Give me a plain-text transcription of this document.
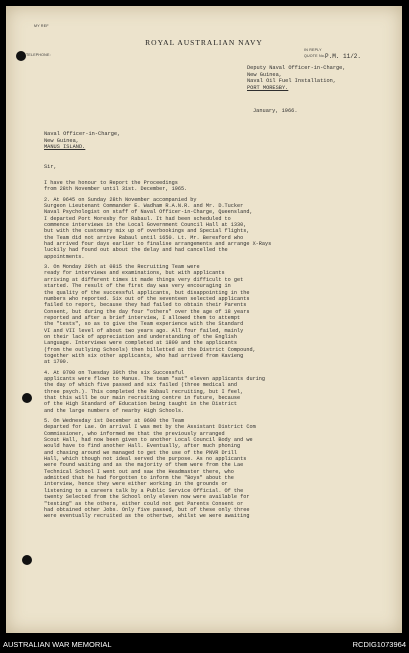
MY REF
TELEPHONE:
IN REPLY
QUOTE No.
ROYAL AUSTRALIAN NAVY
P.M. 11/2.
Deputy Naval Officer-in-Charge,
New Guinea,
Naval Oil Fuel Installation,
PORT MORESBY.
January, 1966.
Naval Officer-in-Charge,
New Guinea,
MANUS ISLAND.
Sir,

I have the honour to Report the Proceedings
from 28th November until 31st. December, 1965.

2. At 0645 on Sunday 28th November accompanied by
Surgeon Lieutenant Commander E. Wadham R.A.N.R. and Mr. D.Tucker
Naval Psychologist on staff of Naval Officer-in-Charge, Queensland,
I departed Port Moresby for Rabaul. It had been scheduled to
commence interviews in the Local Government Council Hall at 1330,
but with the customary mix up of overbookings and Special flights,
the Team did not arrive Rabaul until 1650. Lt. Mr. Beresford who
had arrived four days earlier to finalise arrangements and arrange X-Rays
luckily had found out about the delay and had cancelled the
appointments.

3. On Monday 29th at 0815 the Recruiting Team were
ready for interviews and examinations, but with applicants
arriving at different times it made things very difficult to get
started. The result of the first day was very encouraging in
the quality of the successful applicants, but disappointing in the
numbers who reported. Six out of the seventeen selected applicants
failed to report, because they had failed to obtain their Parents
Consent, but during the day four "others" over the age of 18 years
reported and after a brief interview, I allowed them to attempt
the "tests", so as to give the Team experience with the Standard
VI and VII level of about two years ago. All four failed, mainly
on their lack of appreciation and understanding of the English
Language. Interviews were completed at 1800 and the applicants
(from the outlying Schools) then billetted at the District Compound,
together with six other applicants, who had arrived from Kavieng
at 1700.

4. At 0700 on Tuesday 30th the six Successful
applicants were flown to Manus. The team "sat" eleven applicants during
the day of which five passed and six failed (three medical and
three psych.). This completed the Rabaul recruiting, but I feel,
that this will be our main recruiting centre in future, because
of the High Standard of Education being taught in the District
and the large numbers of nearby High Schools.

5. On Wednesday 1st December at 0600 the Team
departed for Lae. On arrival I was met by the Assistant District Com
Commissioner, who informed me that the previously arranged
Scout Hall, had now been given to another Local Council Body and we
would have to find another Hall. Eventually, after much phoning
and chasing around we managed to get the use of the PNVR Drill
Hall, which though not ideal served the purpose. As no applicants
were found waiting and as the majority of them were from the Lae
Technical School I went out and saw the Headmaster there, who
admitted that he had forgotten to inform the "Boys" about the
interview, hence they were either working in the grounds or
listening to a careers talk by a Public Service Official. Of the
twenty Selected from the School only eleven now were available for
"testing" as the others, either could not get Parents Consent or
had obtained other Jobs. Only five passed, but of these only three
were eventually recruited as the othertwo, whilst we were awaiting

AUSTRALIAN WAR MEMORIAL	RCDIG1073964
